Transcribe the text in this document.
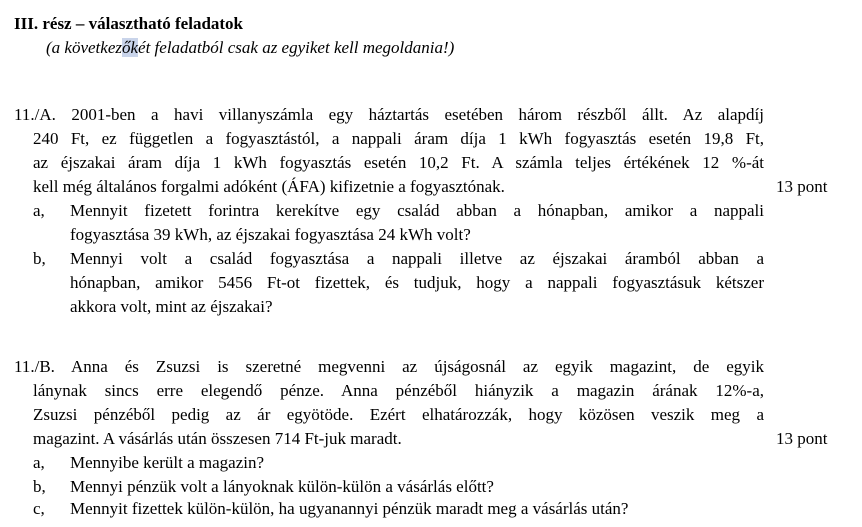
III. rész – választható feladatok
(a következőkét feladatból csak az egyiket kell megoldania!)
11./A. 2001-ben a havi villanyszámla egy háztartás esetében három részből állt. Az alapdíj
240 Ft, ez független a fogyasztástól, a nappali áram díja 1 kWh fogyasztás esetén 19,8 Ft,
az éjszakai áram díja 1 kWh fogyasztás esetén 10,2 Ft. A számla teljes értékének 12 %-át
kell még általános forgalmi adóként (ÁFA) kifizetnie a fogyasztónak.	13 pont
a, Mennyit fizetett forintra kerekítve egy család abban a hónapban, amikor a nappali
fogyasztása 39 kWh, az éjszakai fogyasztása 24 kWh volt?
b, Mennyi volt a család fogyasztása a nappali illetve az éjszakai áramból abban a
hónapban, amikor 5456 Ft-ot fizettek, és tudjuk, hogy a nappali fogyasztásuk kétszer
akkora volt, mint az éjszakai?
11./B. Anna és Zsuzsi is szeretné megvenni az újságosnál az egyik magazint, de egyik
lánynak sincs erre elegendő pénze. Anna pénzéből hiányzik a magazin árának 12%-a,
Zsuzsi pénzéből pedig az ár egyötöde. Ezért elhatározzák, hogy közösen veszik meg a
magazint. A vásárlás után összesen 714 Ft-juk maradt.	13 pont
a, Mennyibe került a magazin?
b, Mennyi pénzük volt a lányoknak külön-külön a vásárlás előtt?
c, Mennyit fizettek külön-külön, ha ugyanannyi pénzük maradt meg a vásárlás után?
